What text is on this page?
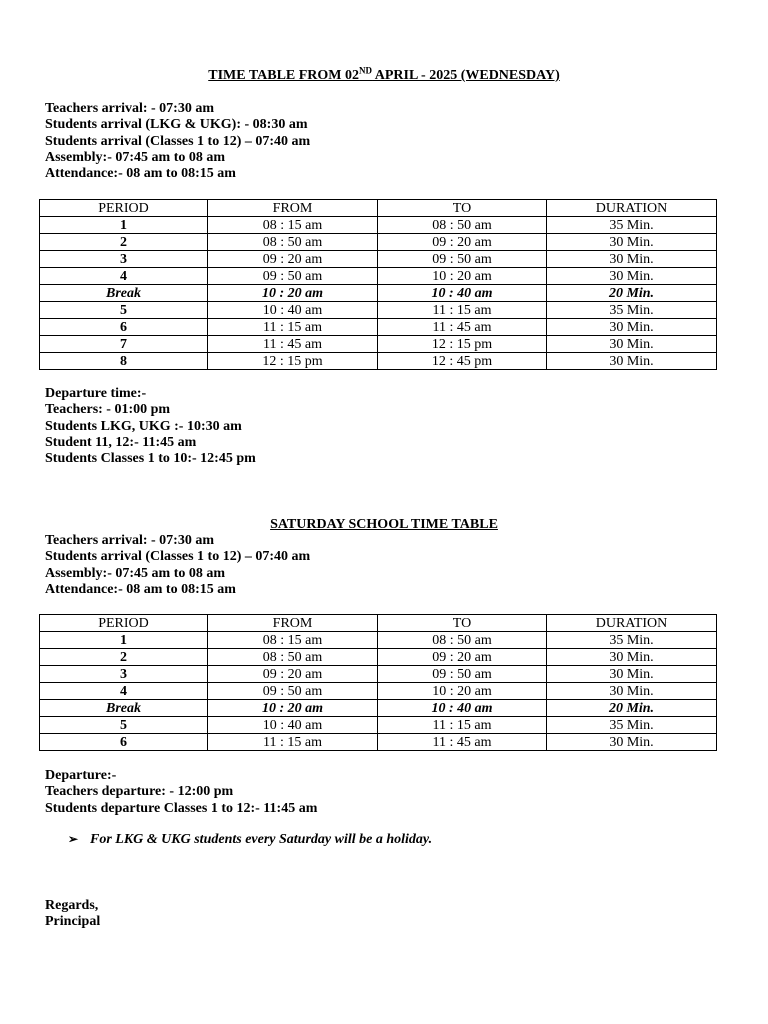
TIME TABLE FROM 02ND APRIL - 2025 (WEDNESDAY)
Teachers arrival: - 07:30 am
Students arrival (LKG & UKG): - 08:30 am
Students arrival (Classes 1 to 12) – 07:40 am
Assembly:- 07:45 am to 08 am
Attendance:- 08 am to 08:15 am
PERIOD	FROM	TO	DURATION
1	08 : 15 am	08 : 50 am	35 Min.
2	08 : 50 am	09 : 20 am	30 Min.
3	09 : 20 am	09 : 50 am	30 Min.
4	09 : 50 am	10 : 20 am	30 Min.
Break	10 : 20 am	10 : 40 am	20 Min.
5	10 : 40 am	11 : 15 am	35 Min.
6	11 : 15 am	11 : 45 am	30 Min.
7	11 : 45 am	12 : 15 pm	30 Min.
8	12 : 15 pm	12 : 45 pm	30 Min.
Departure time:-
Teachers: - 01:00 pm
Students LKG, UKG :- 10:30 am
Student 11, 12:- 11:45 am
Students Classes 1 to 10:- 12:45 pm
SATURDAY SCHOOL TIME TABLE
Teachers arrival: - 07:30 am
Students arrival (Classes 1 to 12) – 07:40 am
Assembly:- 07:45 am to 08 am
Attendance:- 08 am to 08:15 am
PERIOD	FROM	TO	DURATION
1	08 : 15 am	08 : 50 am	35 Min.
2	08 : 50 am	09 : 20 am	30 Min.
3	09 : 20 am	09 : 50 am	30 Min.
4	09 : 50 am	10 : 20 am	30 Min.
Break	10 : 20 am	10 : 40 am	20 Min.
5	10 : 40 am	11 : 15 am	35 Min.
6	11 : 15 am	11 : 45 am	30 Min.
Departure:-
Teachers departure: - 12:00 pm
Students departure Classes 1 to 12:- 11:45 am
➢ For LKG & UKG students every Saturday will be a holiday.
Regards,
Principal
